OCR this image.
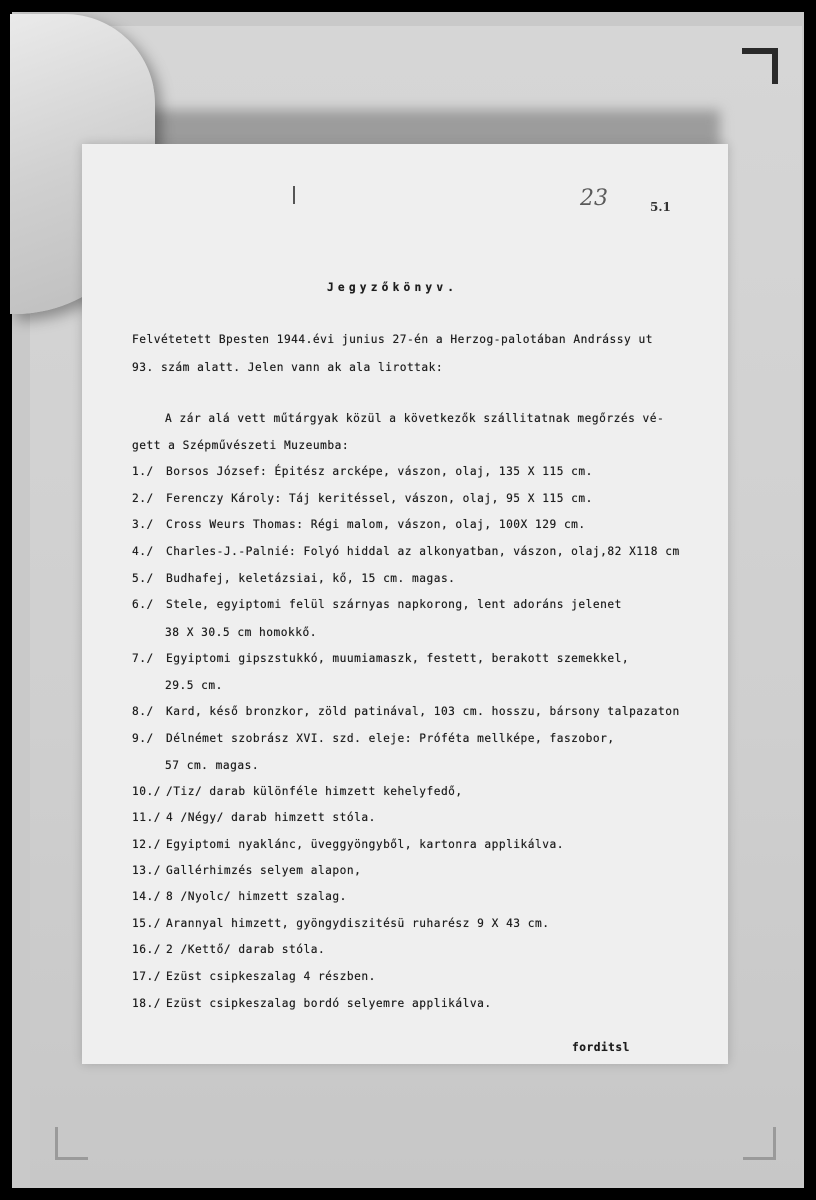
23	5.1
Jegyzőkönyv.
Felvétetett Bpesten 1944.évi junius 27-én a Herzog-palotában Andrássy ut
93. szám alatt. Jelen vann ak ala lirottak:
A zár alá vett műtárgyak közül a következők szállitatnak megőrzés vé-
gett a Szépművészeti Muzeumba:
1./	Borsos József: Épitész arcképe, vászon, olaj, 135 X 115 cm.
2./	Ferenczy Károly: Táj keritéssel, vászon, olaj, 95 X 115 cm.
3./	Cross Weurs Thomas: Régi malom, vászon, olaj, 100X 129 cm.
4./	Charles-J.-Palnié: Folyó hiddal az alkonyatban, vászon, olaj,82 X118 cm
5./	Budhafej, keletázsiai, kő, 15 cm. magas.
6./	Stele, egyiptomi felül szárnyas napkorong, lent adoráns jelenet
38 X 30.5 cm homokkő.
7./	Egyiptomi gipszstukkó, muumiamaszk, festett, berakott szemekkel,
29.5 cm.
8./	Kard, késő bronzkor, zöld patinával, 103 cm. hosszu, bársony talpazaton
9./	Délnémet szobrász XVI. szd. eleje: Próféta mellképe, faszobor,
57 cm. magas.
10./ /Tiz/ darab különféle himzett kehelyfedő,
11./ 4 /Négy/ darab himzett stóla.
12./ Egyiptomi nyaklánc, üveggyöngyből, kartonra applikálva.
13./ Gallérhimzés selyem alapon,
14./ 8 /Nyolc/ himzett szalag.
15./ Arannyal himzett, gyöngydiszitésü ruharész 9 X 43 cm.
16./ 2 /Kettő/ darab stóla.
17./ Ezüst csipkeszalag 4 részben.
18./ Ezüst csipkeszalag bordó selyemre applikálva.
forditsl
